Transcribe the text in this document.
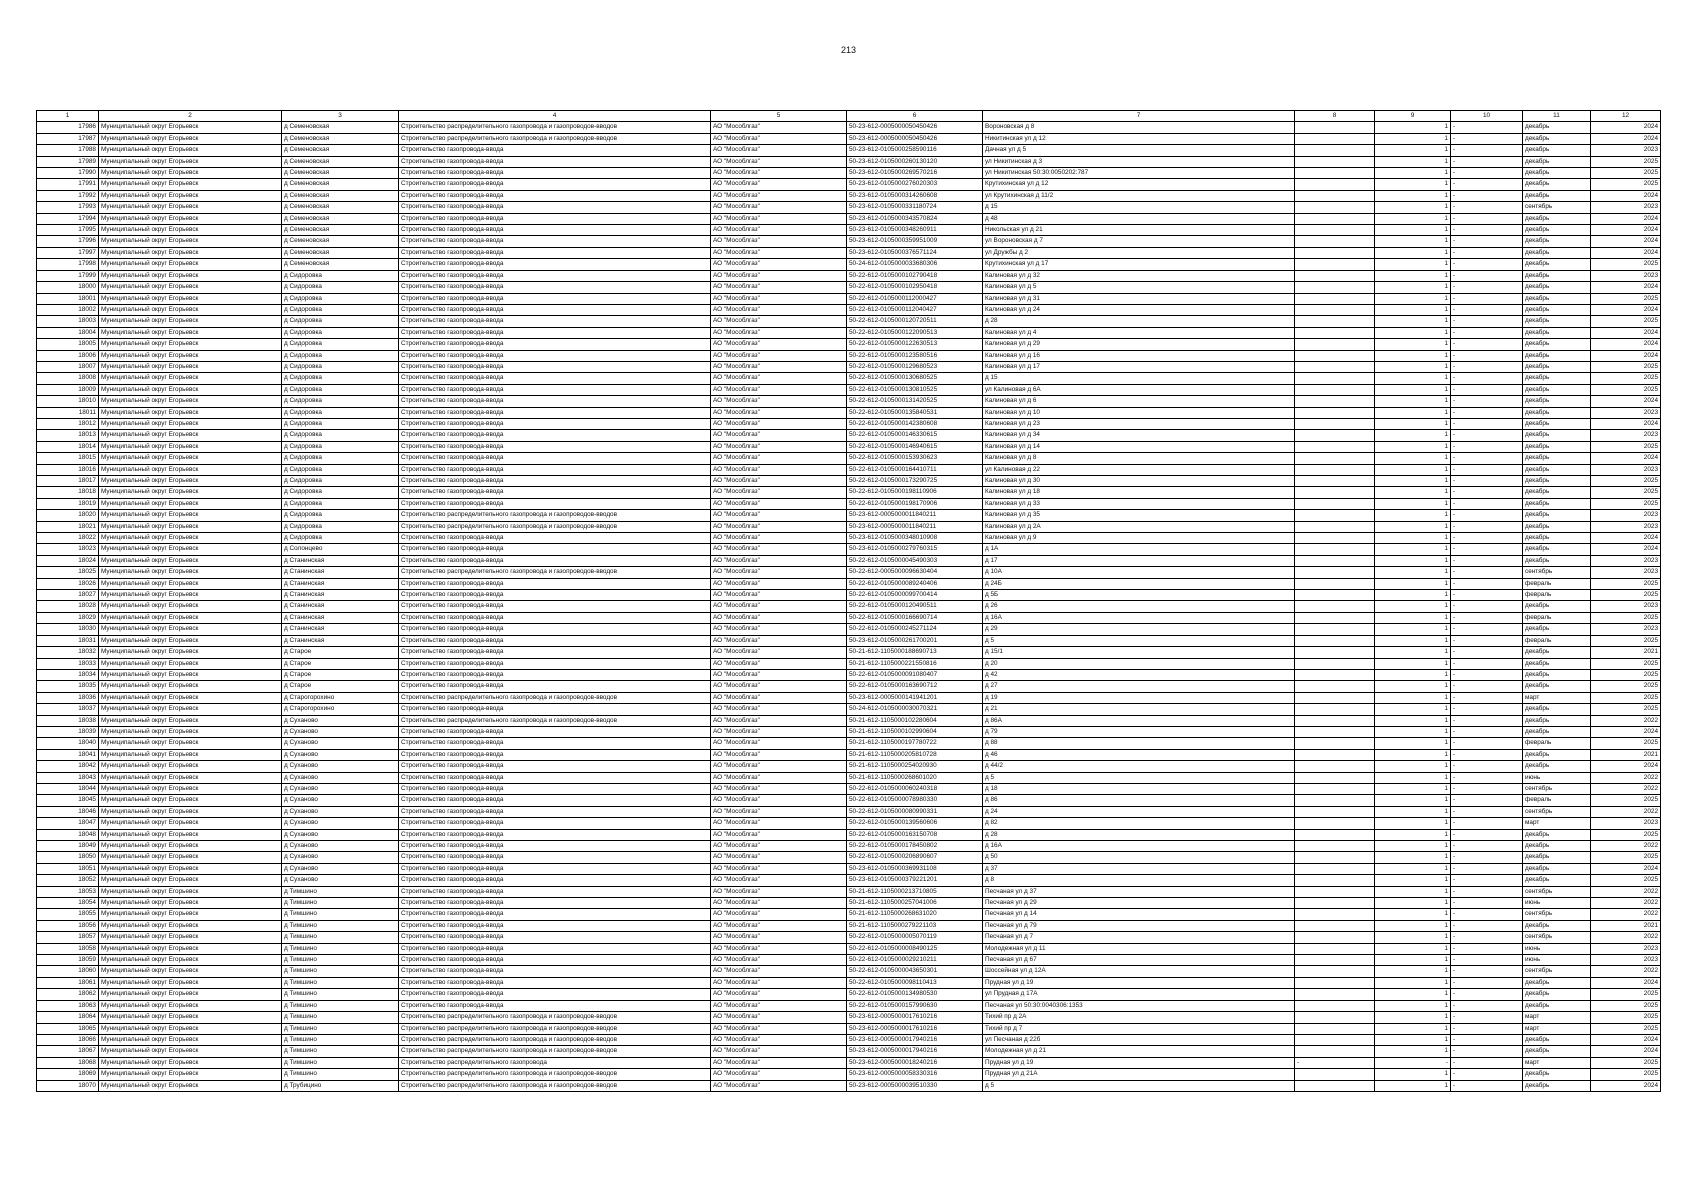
213
1	2	3	4	5	6	7	8	9	10	11	12
17986	Муниципальный округ Егорьевск	д Семеновская	Строительство распределительного газопровода и газопроводов-вводов	АО "Мособлгаз"	50-23-612-0005000050450426	Вороновская д 8		1	-	декабрь	2024
17987	Муниципальный округ Егорьевск	д Семеновская	Строительство распределительного газопровода и газопроводов-вводов	АО "Мособлгаз"	50-23-612-0005000050450426	Никитинская ул д 12		1	-	декабрь	2024
17988	Муниципальный округ Егорьевск	д Семеновская	Строительство газопровода-ввода	АО "Мособлгаз"	50-23-612-0105000258590116	Дачная ул д 5		1	-	декабрь	2023
17989	Муниципальный округ Егорьевск	д Семеновская	Строительство газопровода-ввода	АО "Мособлгаз"	50-23-612-0105000260130120	ул Никитинская д 3		1	-	декабрь	2025
17990	Муниципальный округ Егорьевск	д Семеновская	Строительство газопровода-ввода	АО "Мособлгаз"	50-23-612-0105000269570216	ул Никитинская 50:30:0050202:787		1	-	декабрь	2025
17991	Муниципальный округ Егорьевск	д Семеновская	Строительство газопровода-ввода	АО "Мособлгаз"	50-23-612-0105000276020303	Крутихинская ул д 12		1	-	декабрь	2025
17992	Муниципальный округ Егорьевск	д Семеновская	Строительство газопровода-ввода	АО "Мособлгаз"	50-23-612-0105000314260608	ул Крутихинская д 11/2		1	-	декабрь	2024
17993	Муниципальный округ Егорьевск	д Семеновская	Строительство газопровода-ввода	АО "Мособлгаз"	50-23-612-0105000331180724	д 15		1	-	сентябрь	2023
17994	Муниципальный округ Егорьевск	д Семеновская	Строительство газопровода-ввода	АО "Мособлгаз"	50-23-612-0105000343570824	д 48		1	-	декабрь	2024
17995	Муниципальный округ Егорьевск	д Семеновская	Строительство газопровода-ввода	АО "Мособлгаз"	50-23-612-0105000348260911	Никольская ул д 21		1	-	декабрь	2024
17996	Муниципальный округ Егорьевск	д Семеновская	Строительство газопровода-ввода	АО "Мособлгаз"	50-23-612-0105000359951009	ул Вороновская д 7		1	-	декабрь	2024
17997	Муниципальный округ Егорьевск	д Семеновская	Строительство газопровода-ввода	АО "Мособлгаз"	50-23-612-0105000376571124	ул Дружбы д 2		1	-	декабрь	2024
17998	Муниципальный округ Егорьевск	д Семеновская	Строительство газопровода-ввода	АО "Мособлгаз"	50-24-612-0105000033680306	Крутихинская ул д 17		1	-	декабрь	2025
17999	Муниципальный округ Егорьевск	д Сидоровка	Строительство газопровода-ввода	АО "Мособлгаз"	50-22-612-0105000102790418	Калиновая ул д 32		1	-	декабрь	2023
18000	Муниципальный округ Егорьевск	д Сидоровка	Строительство газопровода-ввода	АО "Мособлгаз"	50-22-612-0105000102950418	Калиновая ул д 5		1	-	декабрь	2024
18001	Муниципальный округ Егорьевск	д Сидоровка	Строительство газопровода-ввода	АО "Мособлгаз"	50-22-612-0105000112000427	Калиновая ул д 31		1	-	декабрь	2025
18002	Муниципальный округ Егорьевск	д Сидоровка	Строительство газопровода-ввода	АО "Мособлгаз"	50-22-612-0105000112040427	Калиновая ул д 24		1	-	декабрь	2024
18003	Муниципальный округ Егорьевск	д Сидоровка	Строительство газопровода-ввода	АО "Мособлгаз"	50-22-612-0105000120720511	д 28		1	-	декабрь	2025
18004	Муниципальный округ Егорьевск	д Сидоровка	Строительство газопровода-ввода	АО "Мособлгаз"	50-22-612-0105000122090513	Калиновая ул д 4		1	-	декабрь	2024
18005	Муниципальный округ Егорьевск	д Сидоровка	Строительство газопровода-ввода	АО "Мособлгаз"	50-22-612-0105000122630513	Калиновая ул д 29		1	-	декабрь	2024
18006	Муниципальный округ Егорьевск	д Сидоровка	Строительство газопровода-ввода	АО "Мособлгаз"	50-22-612-0105000123580516	Калиновая ул д 16		1	-	декабрь	2024
18007	Муниципальный округ Егорьевск	д Сидоровка	Строительство газопровода-ввода	АО "Мособлгаз"	50-22-612-0105000129680523	Калиновая ул д 17		1	-	декабрь	2025
18008	Муниципальный округ Егорьевск	д Сидоровка	Строительство газопровода-ввода	АО "Мособлгаз"	50-22-612-0105000130680525	д 15		1	-	декабрь	2025
18009	Муниципальный округ Егорьевск	д Сидоровка	Строительство газопровода-ввода	АО "Мособлгаз"	50-22-612-0105000130810525	ул Калиновая д 6А		1	-	декабрь	2025
18010	Муниципальный округ Егорьевск	д Сидоровка	Строительство газопровода-ввода	АО "Мособлгаз"	50-22-612-0105000131420525	Калиновая ул д 6		1	-	декабрь	2024
18011	Муниципальный округ Егорьевск	д Сидоровка	Строительство газопровода-ввода	АО "Мособлгаз"	50-22-612-0105000135840531	Калиновая ул д 10		1	-	декабрь	2023
18012	Муниципальный округ Егорьевск	д Сидоровка	Строительство газопровода-ввода	АО "Мособлгаз"	50-22-612-0105000142380608	Калиновая ул д 23		1	-	декабрь	2024
18013	Муниципальный округ Егорьевск	д Сидоровка	Строительство газопровода-ввода	АО "Мособлгаз"	50-22-612-0105000146330615	Калиновая ул д 34		1	-	декабрь	2023
18014	Муниципальный округ Егорьевск	д Сидоровка	Строительство газопровода-ввода	АО "Мособлгаз"	50-22-612-0105000146940615	Калиновая ул д 14		1	-	декабрь	2025
18015	Муниципальный округ Егорьевск	д Сидоровка	Строительство газопровода-ввода	АО "Мособлгаз"	50-22-612-0105000153930623	Калиновая ул д 8		1	-	декабрь	2024
18016	Муниципальный округ Егорьевск	д Сидоровка	Строительство газопровода-ввода	АО "Мособлгаз"	50-22-612-0105000164410711	ул Калиновая д 22		1	-	декабрь	2023
18017	Муниципальный округ Егорьевск	д Сидоровка	Строительство газопровода-ввода	АО "Мособлгаз"	50-22-612-0105000173290725	Калиновая ул д 30		1	-	декабрь	2025
18018	Муниципальный округ Егорьевск	д Сидоровка	Строительство газопровода-ввода	АО "Мособлгаз"	50-22-612-0105000198110906	Калиновая ул д 18		1	-	декабрь	2025
18019	Муниципальный округ Егорьевск	д Сидоровка	Строительство газопровода-ввода	АО "Мособлгаз"	50-22-612-0105000198170906	Калиновая ул д 33		1	-	декабрь	2025
18020	Муниципальный округ Егорьевск	д Сидоровка	Строительство распределительного газопровода и газопроводов-вводов	АО "Мособлгаз"	50-23-612-0005000011840211	Калиновая ул д 35		1	-	декабрь	2023
18021	Муниципальный округ Егорьевск	д Сидоровка	Строительство распределительного газопровода и газопроводов-вводов	АО "Мособлгаз"	50-23-612-0005000011840211	Калиновая ул д 2А		1	-	декабрь	2023
18022	Муниципальный округ Егорьевск	д Сидоровка	Строительство газопровода-ввода	АО "Мособлгаз"	50-23-612-0105000348010908	Калиновая ул д 9		1	-	декабрь	2024
18023	Муниципальный округ Егорьевск	д Солонцево	Строительство газопровода-ввода	АО "Мособлгаз"	50-23-612-0105000279760315	д 1А		1	-	декабрь	2024
18024	Муниципальный округ Егорьевск	д Станинская	Строительство газопровода-ввода	АО "Мособлгаз"	50-22-612-0105000045490303	д 17		1	-	декабрь	2023
18025	Муниципальный округ Егорьевск	д Станинская	Строительство распределительного газопровода и газопроводов-вводов	АО "Мособлгаз"	50-22-612-0005000096630404	д 10А		1	-	сентябрь	2023
18026	Муниципальный округ Егорьевск	д Станинская	Строительство газопровода-ввода	АО "Мособлгаз"	50-22-612-0105000089240406	д 24Б		1	-	февраль	2025
18027	Муниципальный округ Егорьевск	д Станинская	Строительство газопровода-ввода	АО "Мособлгаз"	50-22-612-0105000099700414	д 5Б		1	-	февраль	2025
18028	Муниципальный округ Егорьевск	д Станинская	Строительство газопровода-ввода	АО "Мособлгаз"	50-22-612-0105000120490511	д 26		1	-	декабрь	2023
18029	Муниципальный округ Егорьевск	д Станинская	Строительство газопровода-ввода	АО "Мособлгаз"	50-22-612-0105000166690714	д 16А		1	-	февраль	2025
18030	Муниципальный округ Егорьевск	д Станинская	Строительство газопровода-ввода	АО "Мособлгаз"	50-22-612-0105000245271124	д 29		1	-	декабрь	2023
18031	Муниципальный округ Егорьевск	д Станинская	Строительство газопровода-ввода	АО "Мособлгаз"	50-23-612-0105000261700201	д 5		1	-	февраль	2025
18032	Муниципальный округ Егорьевск	д Старое	Строительство газопровода-ввода	АО "Мособлгаз"	50-21-612-1105000188690713	д 15/1		1	-	декабрь	2021
18033	Муниципальный округ Егорьевск	д Старое	Строительство газопровода-ввода	АО "Мособлгаз"	50-21-612-1105000221550816	д 20		1	-	декабрь	2025
18034	Муниципальный округ Егорьевск	д Старое	Строительство газопровода-ввода	АО "Мособлгаз"	50-22-612-0105000091080407	д 42		1	-	декабрь	2025
18035	Муниципальный округ Егорьевск	д Старое	Строительство газопровода-ввода	АО "Мособлгаз"	50-22-612-0105000163690712	д 27		1	-	декабрь	2025
18036	Муниципальный округ Егорьевск	д Старогорохино	Строительство распределительного газопровода и газопроводов-вводов	АО "Мособлгаз"	50-23-612-0005000141941201	д 19		1	-	март	2025
18037	Муниципальный округ Егорьевск	д Старогорохино	Строительство газопровода-ввода	АО "Мособлгаз"	50-24-612-0105000030070321	д 21		1	-	декабрь	2025
18038	Муниципальный округ Егорьевск	д Суханово	Строительство распределительного газопровода и газопроводов-вводов	АО "Мособлгаз"	50-21-612-1105000102280604	д 86А		1	-	декабрь	2022
18039	Муниципальный округ Егорьевск	д Суханово	Строительство газопровода-ввода	АО "Мособлгаз"	50-21-612-1105000102990604	д 79		1	-	декабрь	2024
18040	Муниципальный округ Егорьевск	д Суханово	Строительство газопровода-ввода	АО "Мособлгаз"	50-21-612-1105000197780722	д 88		1	-	февраль	2025
18041	Муниципальный округ Егорьевск	д Суханово	Строительство газопровода-ввода	АО "Мособлгаз"	50-21-612-1105000205810728	д 46		1	-	декабрь	2021
18042	Муниципальный округ Егорьевск	д Суханово	Строительство газопровода-ввода	АО "Мособлгаз"	50-21-612-1105000254020930	д 44/2		1	-	декабрь	2024
18043	Муниципальный округ Егорьевск	д Суханово	Строительство газопровода-ввода	АО "Мособлгаз"	50-21-612-1105000268601020	д 5		1	-	июнь	2022
18044	Муниципальный округ Егорьевск	д Суханово	Строительство газопровода-ввода	АО "Мособлгаз"	50-22-612-0105000060240318	д 18		1	-	сентябрь	2022
18045	Муниципальный округ Егорьевск	д Суханово	Строительство газопровода-ввода	АО "Мособлгаз"	50-22-612-0105000078980330	д 86		1	-	февраль	2025
18046	Муниципальный округ Егорьевск	д Суханово	Строительство газопровода-ввода	АО "Мособлгаз"	50-22-612-0105000080990331	д 24		1	-	сентябрь	2022
18047	Муниципальный округ Егорьевск	д Суханово	Строительство газопровода-ввода	АО "Мособлгаз"	50-22-612-0105000139560606	д 82		1	-	март	2023
18048	Муниципальный округ Егорьевск	д Суханово	Строительство газопровода-ввода	АО "Мособлгаз"	50-22-612-0105000163150708	д 28		1	-	декабрь	2025
18049	Муниципальный округ Егорьевск	д Суханово	Строительство газопровода-ввода	АО "Мособлгаз"	50-22-612-0105000178450802	д 16А		1	-	декабрь	2022
18050	Муниципальный округ Егорьевск	д Суханово	Строительство газопровода-ввода	АО "Мособлгаз"	50-22-612-0105000206890607	д 50		1	-	декабрь	2025
18051	Муниципальный округ Егорьевск	д Суханово	Строительство газопровода-ввода	АО "Мособлгаз"	50-23-612-0105000369931108	д 37		1	-	декабрь	2024
18052	Муниципальный округ Егорьевск	д Суханово	Строительство газопровода-ввода	АО "Мособлгаз"	50-23-612-0105000379221201	д 8		1	-	декабрь	2025
18053	Муниципальный округ Егорьевск	д Тимшино	Строительство газопровода-ввода	АО "Мособлгаз"	50-21-612-1105000213710805	Песчаная ул д 37		1	-	сентябрь	2022
18054	Муниципальный округ Егорьевск	д Тимшино	Строительство газопровода-ввода	АО "Мособлгаз"	50-21-612-1105000257041006	Песчаная ул д 29		1	-	июнь	2022
18055	Муниципальный округ Егорьевск	д Тимшино	Строительство газопровода-ввода	АО "Мособлгаз"	50-21-612-1105000268631020	Песчаная ул д 14		1	-	сентябрь	2022
18056	Муниципальный округ Егорьевск	д Тимшино	Строительство газопровода-ввода	АО "Мособлгаз"	50-21-612-1105000279221103	Песчаная ул д 79		1	-	декабрь	2021
18057	Муниципальный округ Егорьевск	д Тимшино	Строительство газопровода-ввода	АО "Мособлгаз"	50-22-612-0105000005070119	Песчаная ул д 7		1	-	сентябрь	2022
18058	Муниципальный округ Егорьевск	д Тимшино	Строительство газопровода-ввода	АО "Мособлгаз"	50-22-612-0105000008490125	Молодежная ул д 11		1	-	июнь	2023
18059	Муниципальный округ Егорьевск	д Тимшино	Строительство газопровода-ввода	АО "Мособлгаз"	50-22-612-0105000029210211	Песчаная ул д 67		1	-	июнь	2023
18060	Муниципальный округ Егорьевск	д Тимшино	Строительство газопровода-ввода	АО "Мособлгаз"	50-22-612-0105000043650301	Шоссейная ул д 12А		1	-	сентябрь	2022
18061	Муниципальный округ Егорьевск	д Тимшино	Строительство газопровода-ввода	АО "Мособлгаз"	50-22-612-0105000098110413	Прудная ул д 19		1	-	декабрь	2024
18062	Муниципальный округ Егорьевск	д Тимшино	Строительство газопровода-ввода	АО "Мособлгаз"	50-22-612-0105000134980530	ул Прудная д 17А		1	-	декабрь	2025
18063	Муниципальный округ Егорьевск	д Тимшино	Строительство газопровода-ввода	АО "Мособлгаз"	50-22-612-0105000157990630	Песчаная ул 50:30:0040306:1353		1	-	декабрь	2025
18064	Муниципальный округ Егорьевск	д Тимшино	Строительство распределительного газопровода и газопроводов-вводов	АО "Мособлгаз"	50-23-612-0005000017610216	Тихий пр д 2А		1	-	март	2025
18065	Муниципальный округ Егорьевск	д Тимшино	Строительство распределительного газопровода и газопроводов-вводов	АО "Мособлгаз"	50-23-612-0005000017610216	Тихий пр д 7		1	-	март	2025
18066	Муниципальный округ Егорьевск	д Тимшино	Строительство распределительного газопровода и газопроводов-вводов	АО "Мособлгаз"	50-23-612-0005000017940216	ул Песчаная д 22б		1	-	декабрь	2024
18067	Муниципальный округ Егорьевск	д Тимшино	Строительство распределительного газопровода и газопроводов-вводов	АО "Мособлгаз"	50-23-612-0005000017940216	Молодежная ул д 21		1	-	декабрь	2024
18068	Муниципальный округ Егорьевск	д Тимшино	Строительство распределительного газопровода	АО "Мособлгаз"	50-23-612-0005000018240216	Прудная ул д 19	-	-	-	март	2025
18069	Муниципальный округ Егорьевск	д Тимшино	Строительство распределительного газопровода и газопроводов-вводов	АО "Мособлгаз"	50-23-612-0005000058330316	Прудная ул д 21А		1	-	декабрь	2025
18070	Муниципальный округ Егорьевск	д Трубицино	Строительство распределительного газопровода и газопроводов-вводов	АО "Мособлгаз"	50-23-612-0005000039510330	д 5		1	-	декабрь	2024
